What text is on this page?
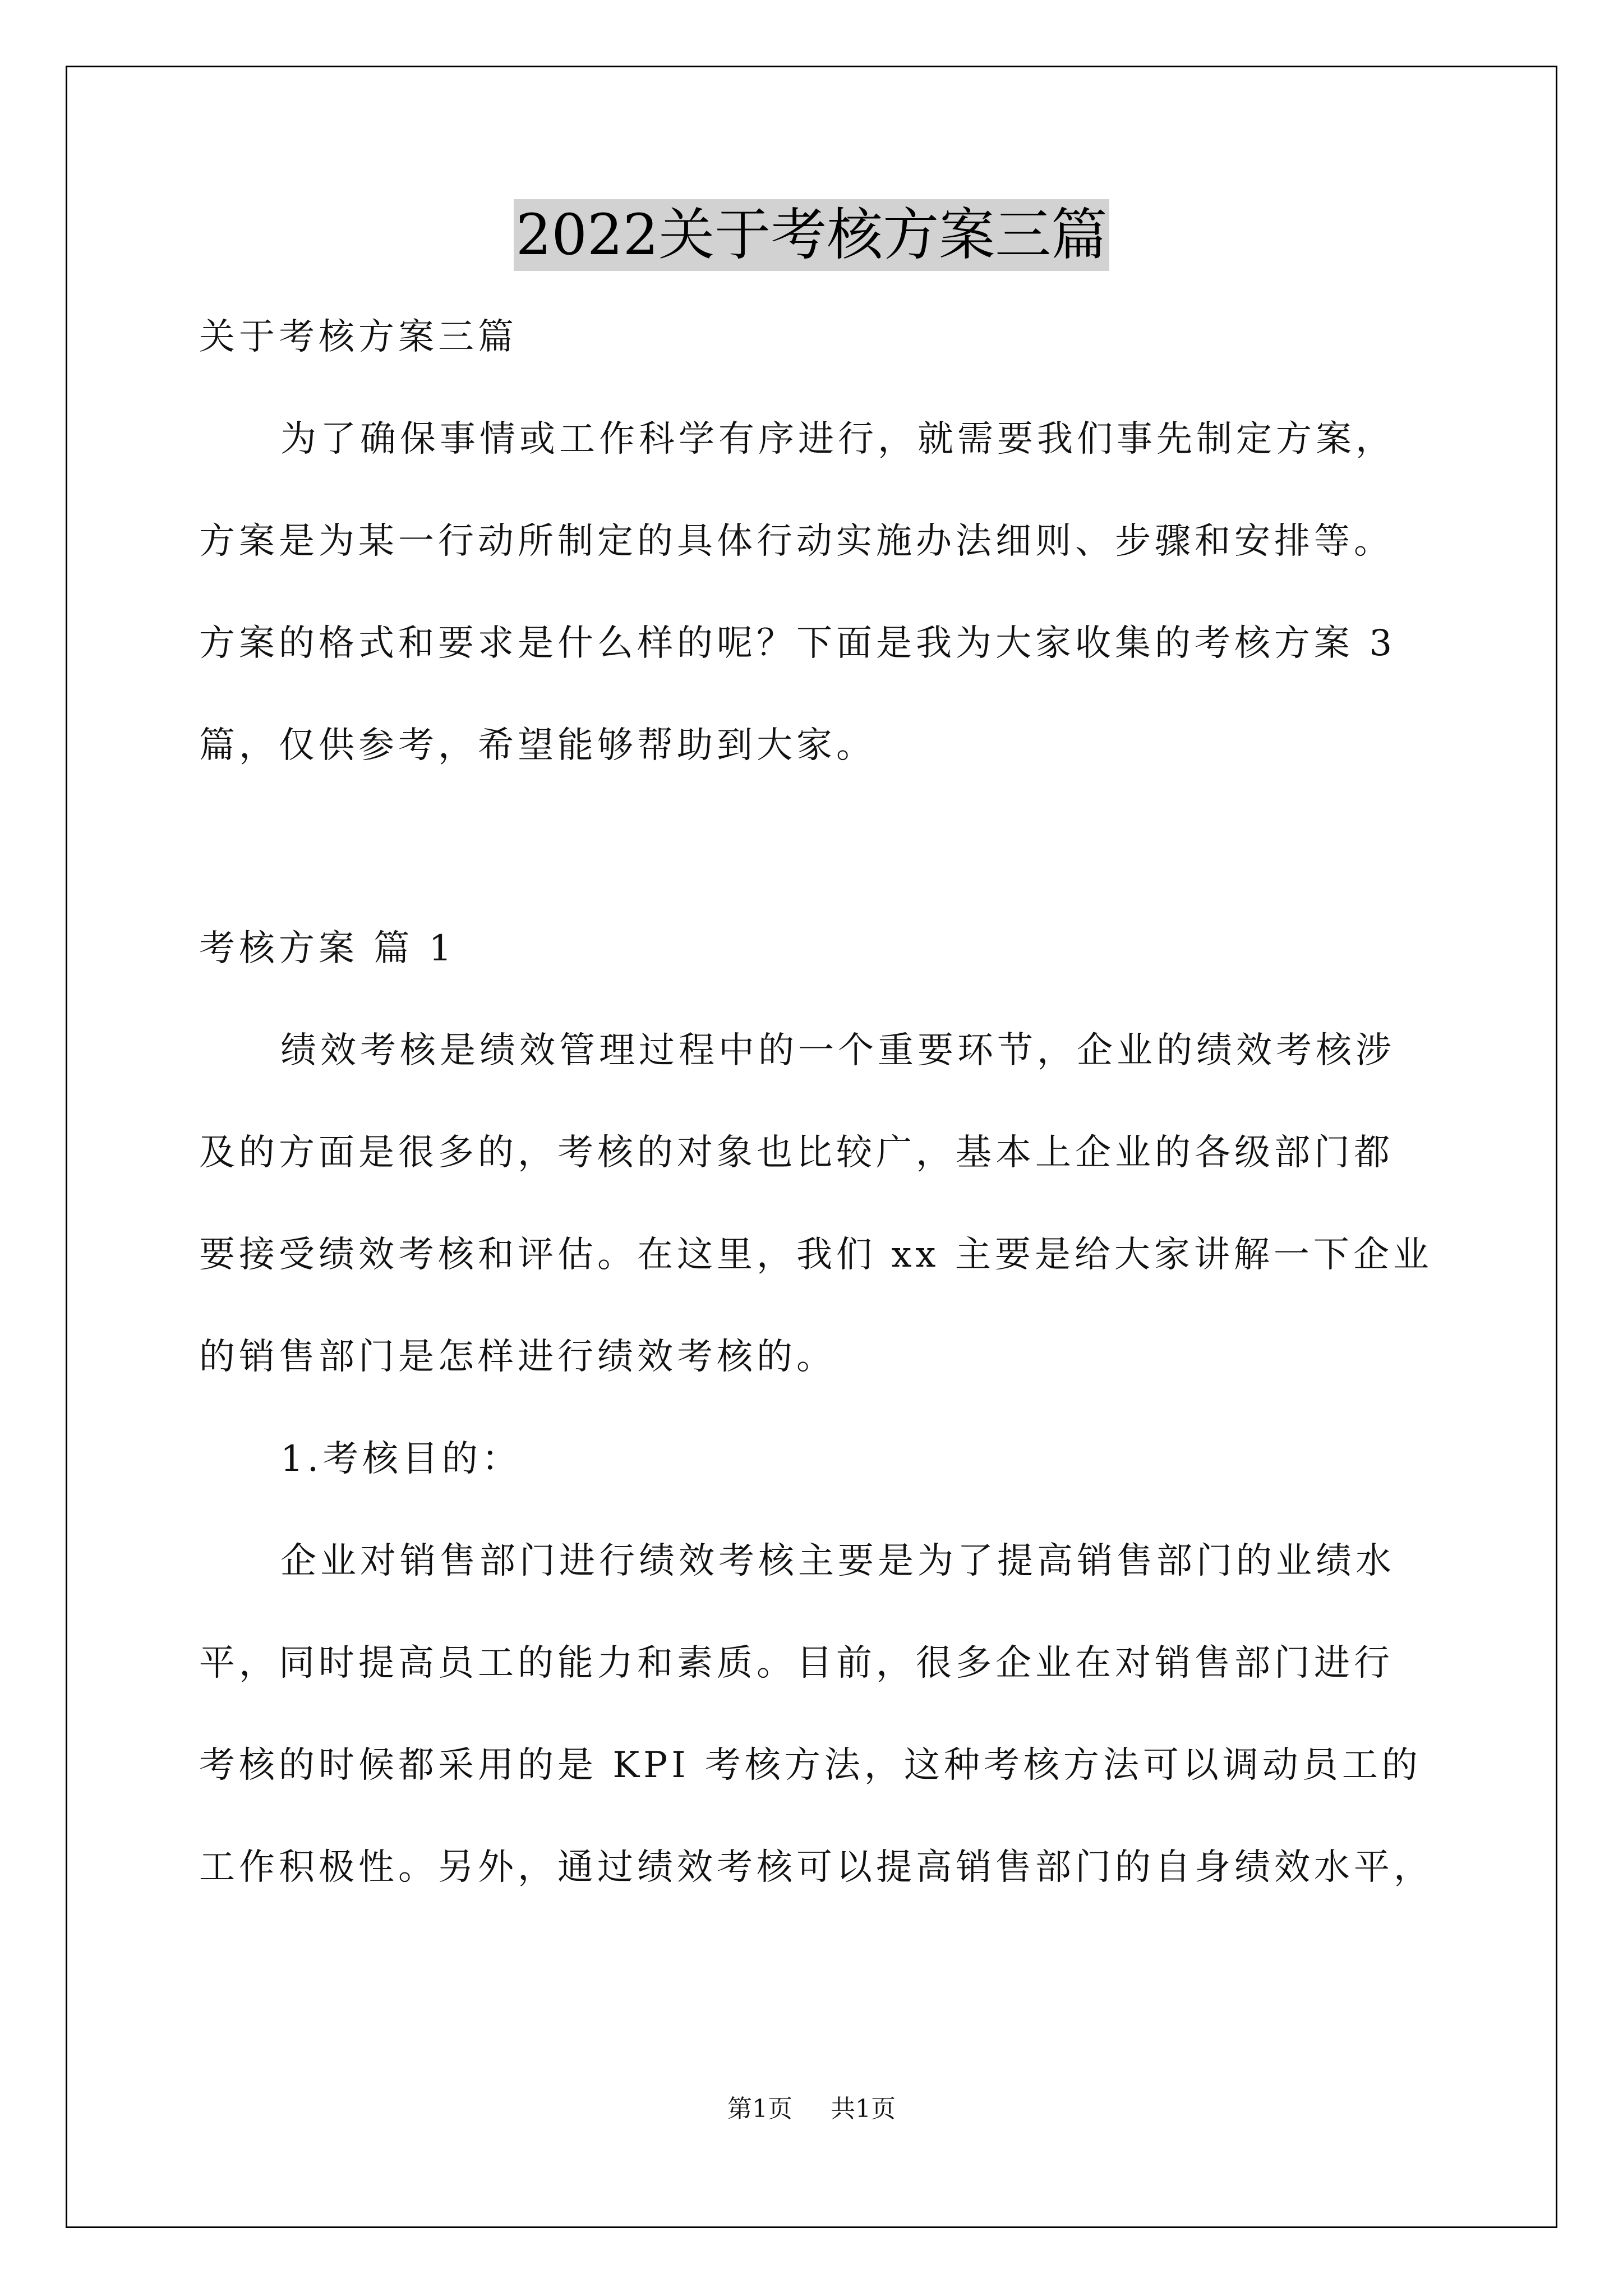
2022关于考核方案三篇
关于考核方案三篇
为了确保事情或工作科学有序进行，就需要我们事先制定方案，
方案是为某一行动所制定的具体行动实施办法细则、步骤和安排等。
方案的格式和要求是什么样的呢？下面是我为大家收集的考核方案 3
篇，仅供参考，希望能够帮助到大家。
考核方案 篇 1
绩效考核是绩效管理过程中的一个重要环节，企业的绩效考核涉
及的方面是很多的，考核的对象也比较广，基本上企业的各级部门都
要接受绩效考核和评估。在这里，我们 xx 主要是给大家讲解一下企业
的销售部门是怎样进行绩效考核的。
1.考核目的：
企业对销售部门进行绩效考核主要是为了提高销售部门的业绩水
平，同时提高员工的能力和素质。目前，很多企业在对销售部门进行
考核的时候都采用的是 KPI 考核方法，这种考核方法可以调动员工的
工作积极性。另外，通过绩效考核可以提高销售部门的自身绩效水平，
第1页 共1页
